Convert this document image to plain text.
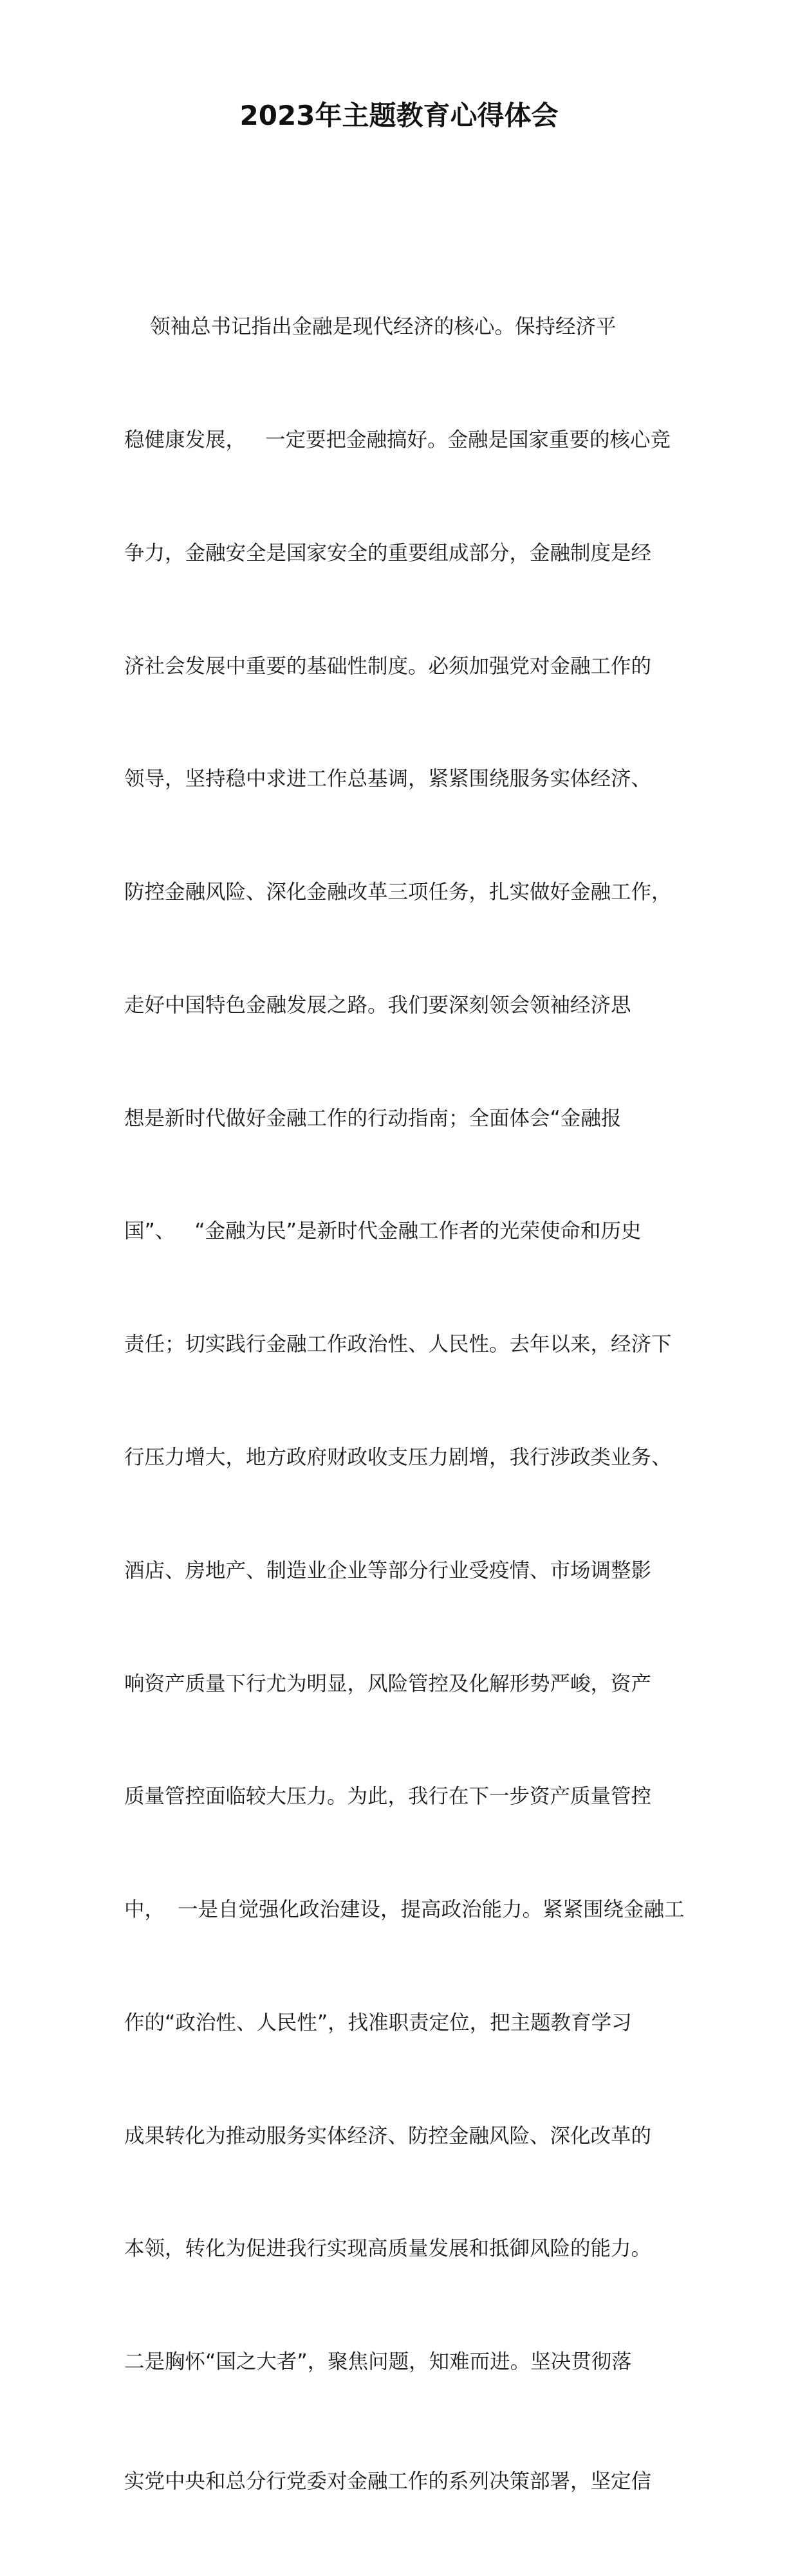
2023年主题教育心得体会

领袖总书记指出金融是现代经济的核心。保持经济平

稳健康发展，   一定要把金融搞好。金融是国家重要的核心竞

争力，金融安全是国家安全的重要组成部分，金融制度是经

济社会发展中重要的基础性制度。必须加强党对金融工作的

领导，坚持稳中求进工作总基调，紧紧围绕服务实体经济、

防控金融风险、深化金融改革三项任务，扎实做好金融工作，

走好中国特色金融发展之路。我们要深刻领会领袖经济思

想是新时代做好金融工作的行动指南；全面体会“金融报

国”、   “金融为民”是新时代金融工作者的光荣使命和历史

责任；切实践行金融工作政治性、人民性。去年以来，经济下

行压力增大，地方政府财政收支压力剧增，我行涉政类业务、

酒店、房地产、制造业企业等部分行业受疫情、市场调整影

响资产质量下行尤为明显，风险管控及化解形势严峻，资产

质量管控面临较大压力。为此，我行在下一步资产质量管控

中，  一是自觉强化政治建设，提高政治能力。紧紧围绕金融工

作的“政治性、人民性”，找准职责定位，把主题教育学习

成果转化为推动服务实体经济、防控金融风险、深化改革的

本领，转化为促进我行实现高质量发展和抵御风险的能力。

二是胸怀“国之大者”，聚焦问题，知难而进。坚决贯彻落

实党中央和总分行党委对金融工作的系列决策部署，坚定信
